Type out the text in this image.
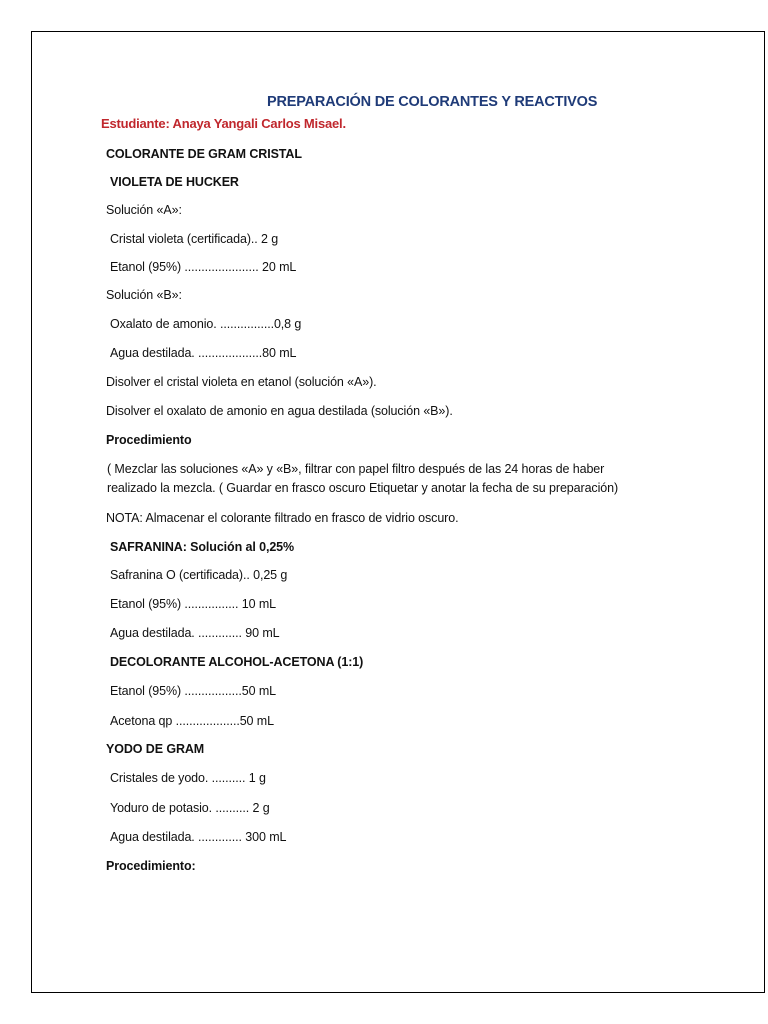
PREPARACIÓN DE COLORANTES Y REACTIVOS
Estudiante: Anaya Yangali Carlos Misael.
COLORANTE DE GRAM CRISTAL
VIOLETA DE HUCKER
Solución «A»:
Cristal violeta (certificada).. 2 g
Etanol (95%) ...................... 20 mL
Solución «B»:
Oxalato de amonio. ................0,8 g
Agua destilada. ...................80 mL
Disolver el cristal violeta en etanol (solución «A»).
Disolver el oxalato de amonio en agua destilada (solución «B»).
Procedimiento
( Mezclar las soluciones «A» y «B», filtrar con papel filtro después de las 24 horas de haber
realizado la mezcla. ( Guardar en frasco oscuro Etiquetar y anotar la fecha de su preparación)
NOTA: Almacenar el colorante filtrado en frasco de vidrio oscuro.
SAFRANINA: Solución al 0,25%
Safranina O (certificada).. 0,25 g
Etanol (95%) ................ 10 mL
Agua destilada. ............. 90 mL
DECOLORANTE ALCOHOL-ACETONA (1:1)
Etanol (95%) .................50 mL
Acetona qp ...................50 mL
YODO DE GRAM
Cristales de yodo. .......... 1 g
Yoduro de potasio. .......... 2 g
Agua destilada. ............. 300 mL
Procedimiento:
